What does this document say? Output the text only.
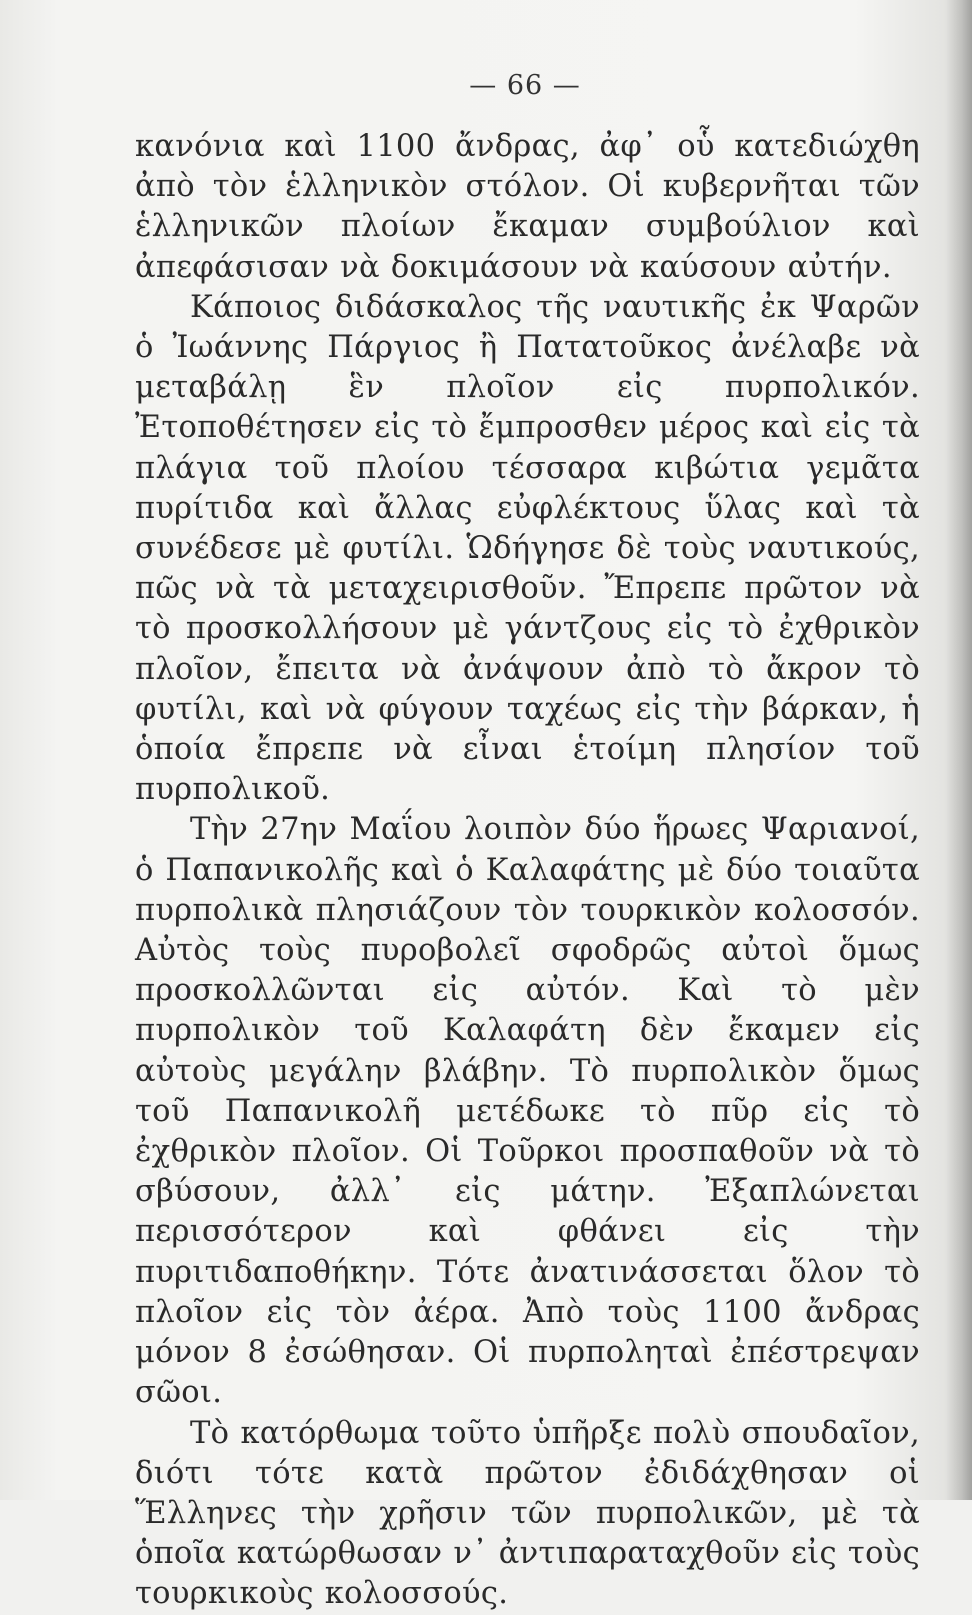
— 66 —

κανόνια καὶ 1100 ἄνδρας, ἀφ᾽ οὗ κατεδιώχθη ἀπὸ τὸν ἑλληνικὸν στόλον. Οἱ κυβερνῆται τῶν ἑλληνικῶν πλοίων ἔκαμαν συμβούλιον καὶ ἀπεφάσισαν νὰ δοκιμάσουν νὰ καύσουν αὐτήν.

Κάποιος διδάσκαλος τῆς ναυτικῆς ἐκ Ψαρῶν ὁ Ἰωάννης Πάργιος ἢ Πατατοῦκος ἀνέλαβε νὰ μεταβάλῃ ἓν πλοῖον εἰς πυρπολικόν. Ἐτοποθέτησεν εἰς τὸ ἔμπροσθεν μέρος καὶ εἰς τὰ πλάγια τοῦ πλοίου τέσσαρα κιβώτια γεμᾶτα πυρίτιδα καὶ ἄλλας εὐφλέκτους ὕλας καὶ τὰ συνέδεσε μὲ φυτίλι. Ὡδήγησε δὲ τοὺς ναυτικούς, πῶς νὰ τὰ μεταχειρισθοῦν. Ἔπρεπε πρῶτον νὰ τὸ προσκολλήσουν μὲ γάντζους εἰς τὸ ἐχθρικὸν πλοῖον, ἔπειτα νὰ ἀνάψουν ἀπὸ τὸ ἄκρον τὸ φυτίλι, καὶ νὰ φύγουν ταχέως εἰς τὴν βάρκαν, ἡ ὁποία ἔπρεπε νὰ εἶναι ἑτοίμη πλησίον τοῦ πυρπολικοῦ.

Τὴν 27ην Μαΐου λοιπὸν δύο ἥρωες Ψαριανοί, ὁ Παπανικολῆς καὶ ὁ Καλαφάτης μὲ δύο τοιαῦτα πυρπολικὰ πλησιάζουν τὸν τουρκικὸν κολοσσόν. Αὐτὸς τοὺς πυροβολεῖ σφοδρῶς αὐτοὶ ὅμως προσκολλῶνται εἰς αὐτόν. Καὶ τὸ μὲν πυρπολικὸν τοῦ Καλαφάτη δὲν ἔκαμεν εἰς αὐτοὺς μεγάλην βλάβην. Τὸ πυρπολικὸν ὅμως τοῦ Παπανικολῆ μετέδωκε τὸ πῦρ εἰς τὸ ἐχθρικὸν πλοῖον. Οἱ Τοῦρκοι προσπαθοῦν νὰ τὸ σβύσουν, ἀλλ᾽ εἰς μάτην. Ἐξαπλώνεται περισσότερον καὶ φθάνει εἰς τὴν πυριτιδαποθήκην. Τότε ἀνατινάσσεται ὅλον τὸ πλοῖον εἰς τὸν ἀέρα. Ἀπὸ τοὺς 1100 ἄνδρας μόνον 8 ἐσώθησαν. Οἱ πυρποληταὶ ἐπέστρεψαν σῶοι.

Τὸ κατόρθωμα τοῦτο ὑπῆρξε πολὺ σπουδαῖον, διότι τότε κατὰ πρῶτον ἐδιδάχθησαν οἱ Ἕλληνες τὴν χρῆσιν τῶν πυρπολικῶν, μὲ τὰ ὁποῖα κατώρθωσαν ν᾽ ἀντιπαραταχθοῦν εἰς τοὺς τουρκικοὺς κολοσσούς.
